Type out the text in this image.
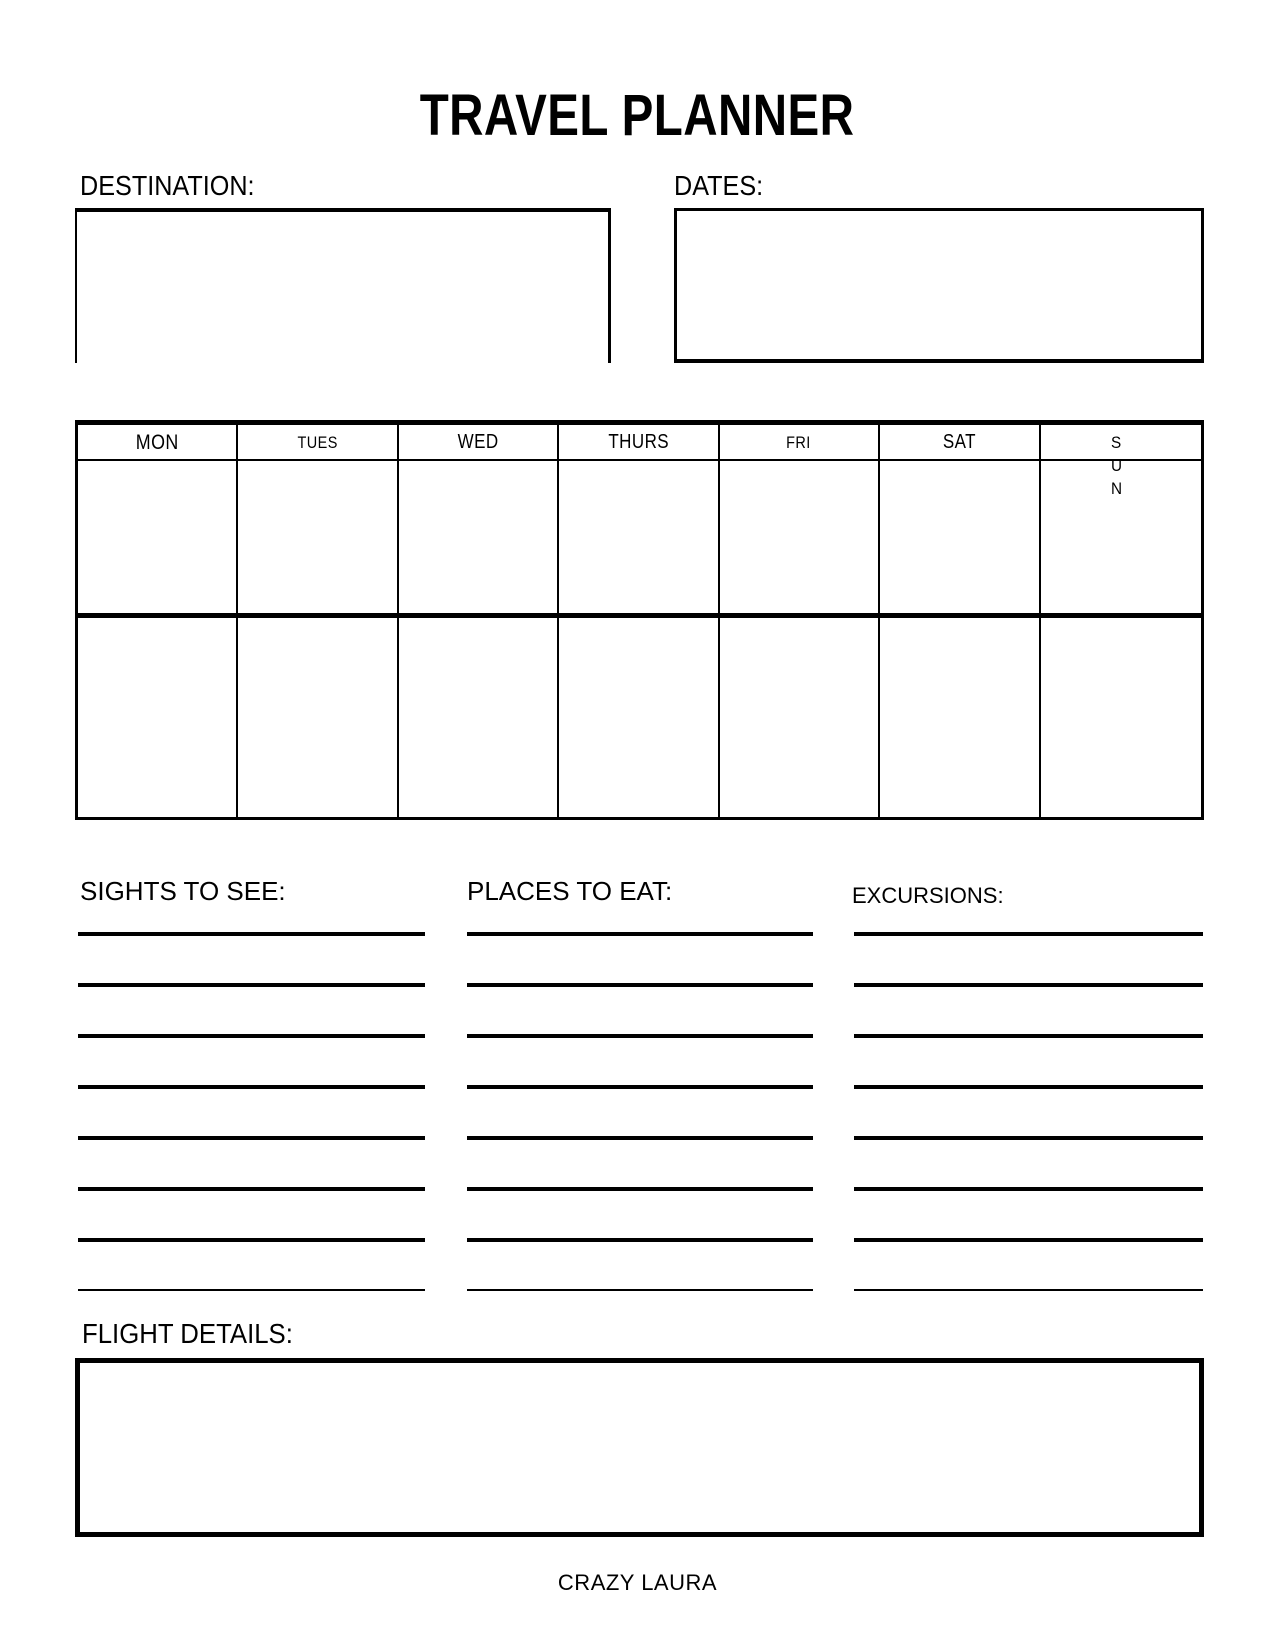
TRAVEL PLANNER
DESTINATION:	DATES:
MON	TUES	WED	THURS	FRI	SAT	SUN
SIGHTS TO SEE:	PLACES TO EAT:	EXCURSIONS:
FLIGHT DETAILS:
CRAZY LAURA
